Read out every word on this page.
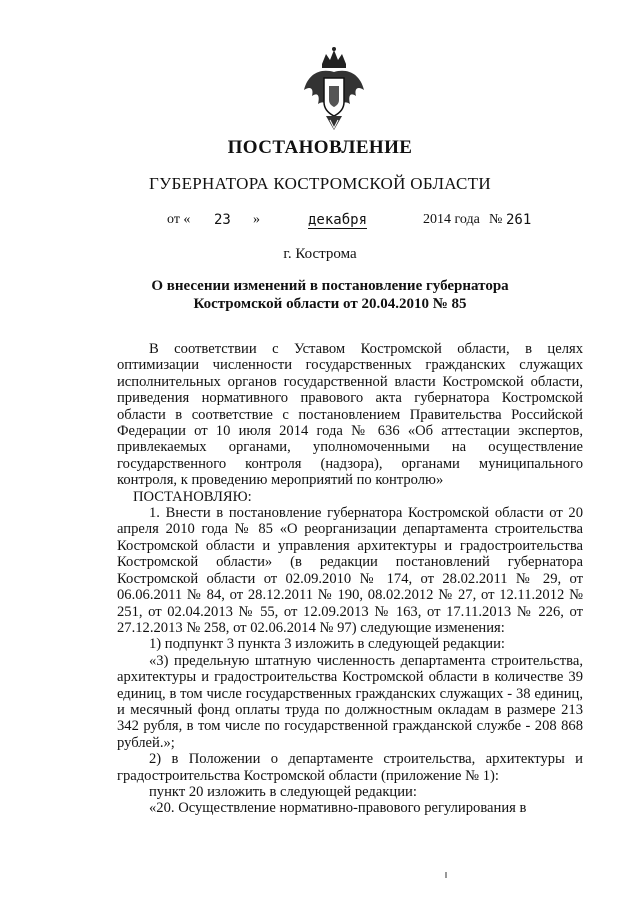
ПОСТАНОВЛЕНИЕ
ГУБЕРНАТОРА КОСТРОМСКОЙ ОБЛАСТИ
от « 23 »	декабря	2014 года № 261
г. Кострома
О внесении изменений в постановление губернатора
Костромской области от 20.04.2010 № 85

В соответствии с Уставом Костромской области, в целях оптимизации численности государственных гражданских служащих исполнительных органов государственной власти Костромской области, приведения нормативного правового акта губернатора Костромской области в соответствие с постановлением Правительства Российской Федерации от 10 июля 2014 года № 636 «Об аттестации экспертов, привлекаемых органами, уполномоченными на осуществление государственного контроля (надзора), органами муниципального контроля, к проведению мероприятий по контролю»

ПОСТАНОВЛЯЮ:

1. Внести в постановление губернатора Костромской области от 20 апреля 2010 года № 85 «О реорганизации департамента строительства Костромской области и управления архитектуры и градостроительства Костромской области» (в редакции постановлений губернатора Костромской области от 02.09.2010 № 174, от 28.02.2011 № 29, от 06.06.2011 № 84, от 28.12.2011 № 190, 08.02.2012 № 27, от 12.11.2012 № 251, от 02.04.2013 № 55, от 12.09.2013 № 163, от 17.11.2013 № 226, от 27.12.2013 № 258, от 02.06.2014 № 97) следующие изменения:

1) подпункт 3 пункта 3 изложить в следующей редакции:

«3) предельную штатную численность департамента строительства, архитектуры и градостроительства Костромской области в количестве 39 единиц, в том числе государственных гражданских служащих - 38 единиц, и месячный фонд оплаты труда по должностным окладам в размере 213 342 рубля, в том числе по государственной гражданской службе - 208 868 рублей.»;

2) в Положении о департаменте строительства, архитектуры и градостроительства Костромской области (приложение № 1):

пункт 20 изложить в следующей редакции:

«20. Осуществление нормативно-правового регулирования в
